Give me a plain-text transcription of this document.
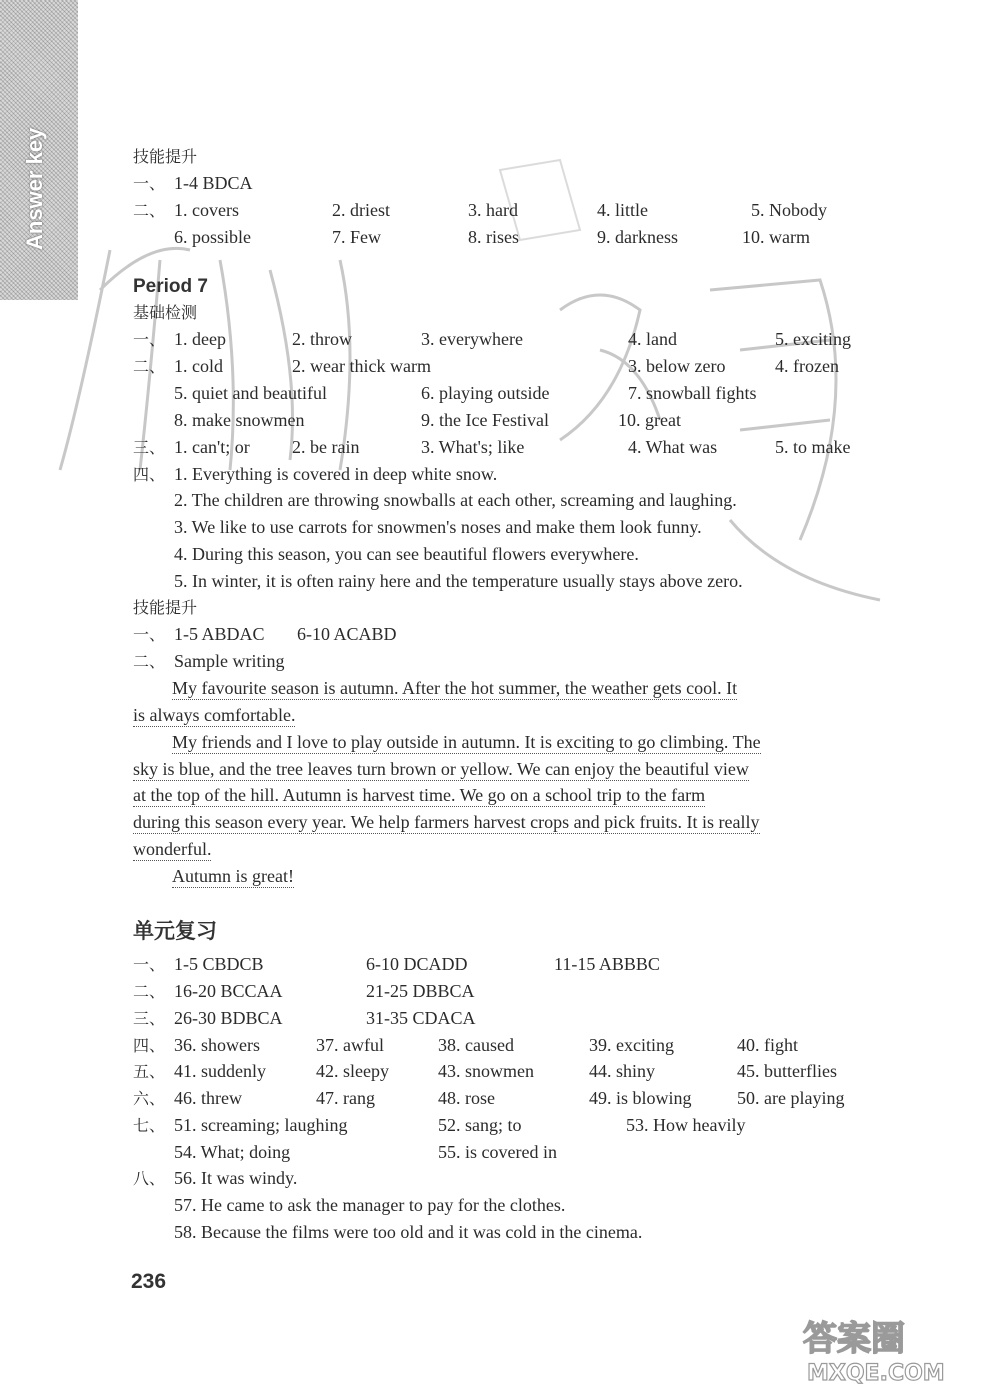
Answer key	技能提升
一、 1-4 BDCA
二、 1. covers	2. driest	3. hard	4. little	5. Nobody
6. possible	7. Few	8. rises	9. darkness	10. warm
Period 7
基础检测
一、 1. deep	2. throw	3. everywhere	4. land	5. exciting
二、 1. cold	2. wear thick warm	3. below zero	4. frozen
5. quiet and beautiful	6. playing outside	7. snowball fights
8. make snowmen	9. the Ice Festival	10. great
三、 1. can't; or 2. be rain	3. What's; like	4. What was	5. to make
四、 1. Everything is covered in deep white snow.
2. The children are throwing snowballs at each other, screaming and laughing.
3. We like to use carrots for snowmen's noses and make them look funny.
4. During this season, you can see beautiful flowers everywhere.
5. In winter, it is often rainy here and the temperature usually stays above zero.
技能提升
一、 1-5 ABDAC 6-10 ACABD
二、 Sample writing
My favourite season is autumn. After the hot summer, the weather gets cool. It
is always comfortable.
My friends and I love to play outside in autumn. It is exciting to go climbing. The
sky is blue, and the tree leaves turn brown or yellow. We can enjoy the beautiful view
at the top of the hill. Autumn is harvest time. We go on a school trip to the farm
during this season every year. We help farmers harvest crops and pick fruits. It is really
wonderful.
Autumn is great!
单元复习
一、 1-5 CBDCB	6-10 DCADD	11-15 ABBBC
二、 16-20 BCCAA	21-25 DBBCA
三、 26-30 BDBCA	31-35 CDACA
四、 36. showers	37. awful	38. caused	39. exciting	40. fight
五、 41. suddenly	42. sleepy	43. snowmen	44. shiny	45. butterflies
六、 46. threw	47. rang	48. rose	49. is blowing	50. are playing
七、 51. screaming; laughing	52. sang; to	53. How heavily
54. What; doing	55. is covered in
八、 56. It was windy.
57. He came to ask the manager to pay for the clothes.
58. Because the films were too old and it was cold in the cinema.
236
答案圈
MXQE.COM
